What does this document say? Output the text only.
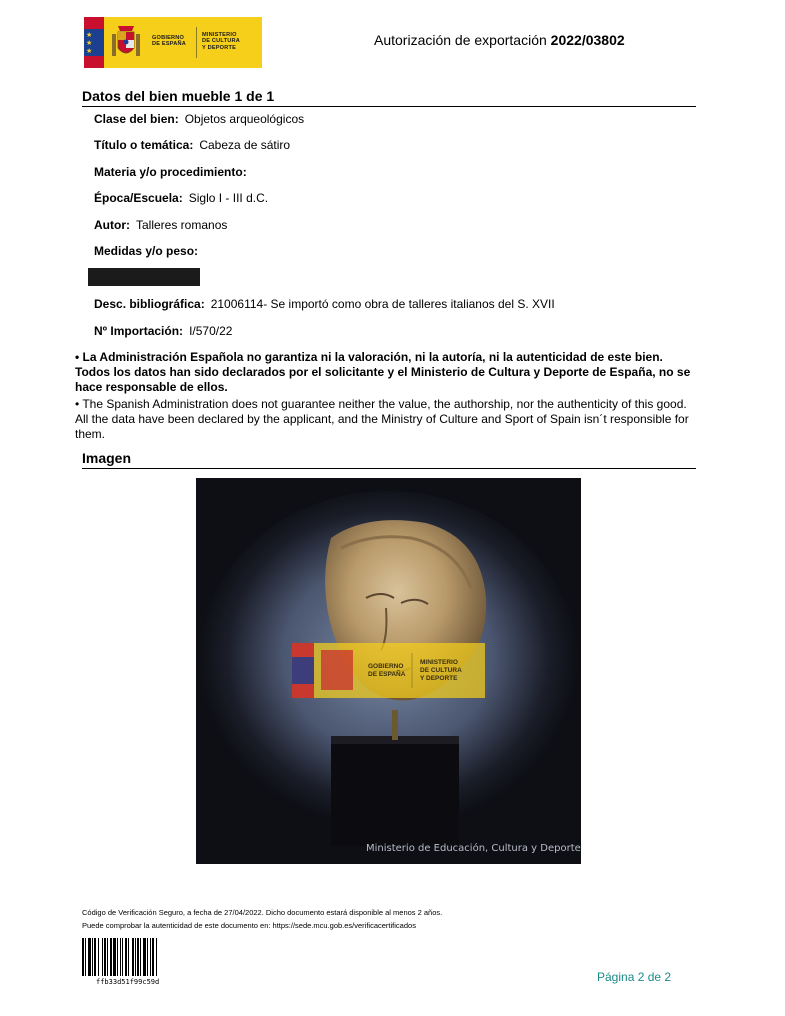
★
★
★
GOBIERNO
DE ESPAÑA
MINISTERIO
DE CULTURA
Y DEPORTE	Autorización de exportación 2022/03802
Datos del bien mueble 1 de 1
Clase del bien: Objetos arqueológicos
Título o temática: Cabeza de sátiro
Materia y/o procedimiento:
Época/Escuela: Siglo I - III d.C.
Autor: Talleres romanos
Medidas y/o peso:
Desc. bibliográfica: 21006114- Se importó como obra de talleres italianos del S. XVII
Nº Importación: I/570/22
• La Administración Española no garantiza ni la valoración, ni la autoría, ni la autenticidad de este bien. Todos los datos han sido declarados por el solicitante y el Ministerio de Cultura y Deporte de España, no se hace responsable de ellos.
• The Spanish Administration does not guarantee neither the value, the authorship, nor the authenticity of this good. All the data have been declared by the applicant, and the Ministry of Culture and Sport of Spain isn´t responsible for them.
Imagen
GOBIERNO
DE ESPAÑA
MINISTERIO
DE CULTURA
Y DEPORTE
Ministerio de Educación, Cultura y Deporte
Código de Verificación Seguro, a fecha de 27/04/2022. Dicho documento estará disponible al menos 2 años.
Puede comprobar la autenticidad de este documento en: https://sede.mcu.gob.es/verificacertificados
ffb33d51f99c59d	Página 2 de 2
